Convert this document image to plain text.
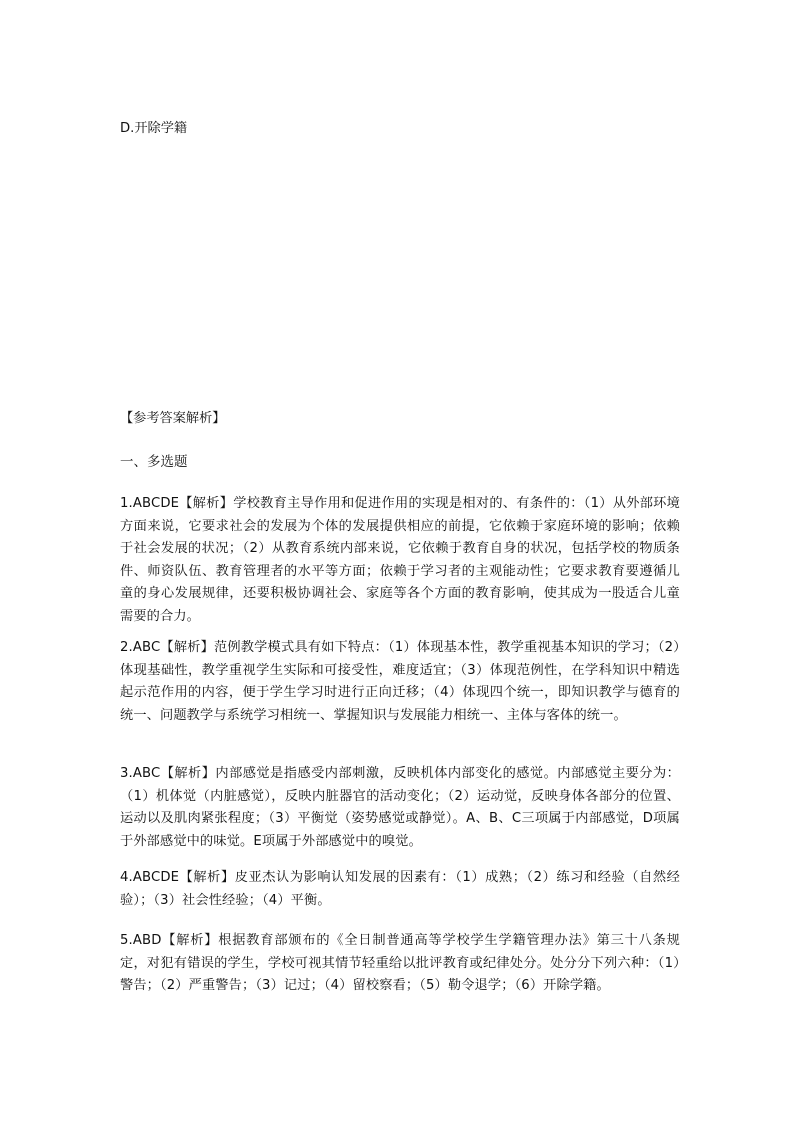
D.开除学籍
【参考答案解析】
一、多选题
1.ABCDE【解析】学校教育主导作用和促进作用的实现是相对的、有条件的：（1）从外部环境方面来说，它要求社会的发展为个体的发展提供相应的前提，它依赖于家庭环境的影响；依赖于社会发展的状况；（2）从教育系统内部来说，它依赖于教育自身的状况，包括学校的物质条件、师资队伍、教育管理者的水平等方面；依赖于学习者的主观能动性；它要求教育要遵循儿童的身心发展规律，还要积极协调社会、家庭等各个方面的教育影响，使其成为一股适合儿童需要的合力。
2.ABC【解析】范例教学模式具有如下特点：（1）体现基本性，教学重视基本知识的学习；（2）体现基础性，教学重视学生实际和可接受性，难度适宜；（3）体现范例性，在学科知识中精选起示范作用的内容，便于学生学习时进行正向迁移；（4）体现四个统一，即知识教学与德育的统一、问题教学与系统学习相统一、掌握知识与发展能力相统一、主体与客体的统一。
3.ABC【解析】内部感觉是指感受内部刺激，反映机体内部变化的感觉。内部感觉主要分为：（1）机体觉（内脏感觉），反映内脏器官的活动变化；（2）运动觉，反映身体各部分的位置、运动以及肌肉紧张程度；（3）平衡觉（姿势感觉或静觉）。A、B、C三项属于内部感觉，D项属于外部感觉中的味觉。E项属于外部感觉中的嗅觉。
4.ABCDE【解析】皮亚杰认为影响认知发展的因素有：（1）成熟；（2）练习和经验（自然经验）；（3）社会性经验；（4）平衡。
5.ABD【解析】根据教育部颁布的《全日制普通高等学校学生学籍管理办法》第三十八条规定，对犯有错误的学生，学校可视其情节轻重给以批评教育或纪律处分。处分分下列六种：（1）警告；（2）严重警告；（3）记过；（4）留校察看；（5）勒令退学；（6）开除学籍。
